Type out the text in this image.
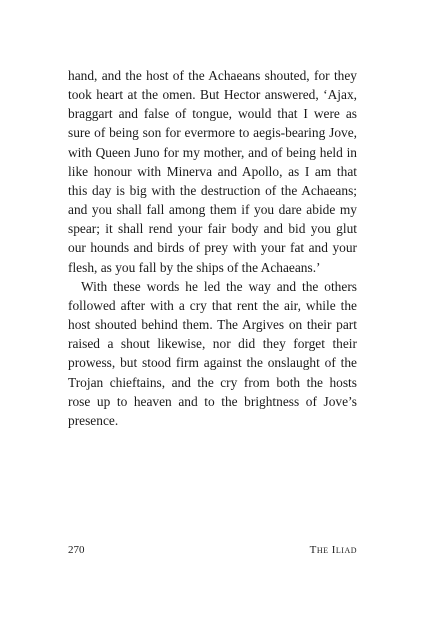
hand, and the host of the Achaeans shouted, for they took heart at the omen. But Hector answered, ‘Ajax, braggart and false of tongue, would that I were as sure of being son for evermore to aegis-bearing Jove, with Queen Juno for my mother, and of being held in like honour with Minerva and Apollo, as I am that this day is big with the destruction of the Achaeans; and you shall fall among them if you dare abide my spear; it shall rend your fair body and bid you glut our hounds and birds of prey with your fat and your flesh, as you fall by the ships of the Achaeans.’

With these words he led the way and the others followed after with a cry that rent the air, while the host shouted behind them. The Argives on their part raised a shout likewise, nor did they forget their prowess, but stood firm against the onslaught of the Trojan chieftains, and the cry from both the hosts rose up to heaven and to the brightness of Jove’s presence.

270	The Iliad
